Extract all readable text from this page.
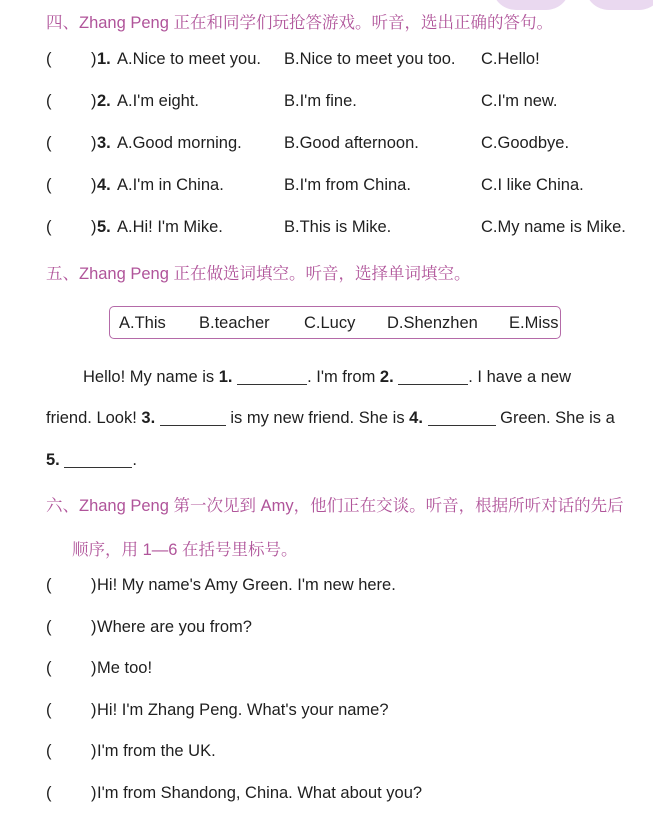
四、Zhang Peng 正在和同学们玩抢答游戏。听音，选出正确的答句。
( ) 1. A.Nice to meet you. B.Nice to meet you too. C.Hello!
( ) 2. A.I'm eight.	B.I'm fine.	C.I'm new.
( ) 3. A.Good morning.	B.Good afternoon.	C.Goodbye.
( ) 4. A.I'm in China.	B.I'm from China.	C.I like China.
( ) 5. A.Hi! I'm Mike.	B.This is Mike.	C.My name is Mike.
五、Zhang Peng 正在做选词填空。听音，选择单词填空。
A.This B.teacher C.Lucy D.Shenzhen E.Miss
Hello! My name is 1.	. I'm from 2.	. I have a new
friend. Look! 3.	is my new friend. She is 4.	Green. She is a
5.	.
六、Zhang Peng 第一次见到 Amy，他们正在交谈。听音，根据所听对话的先后
顺序，用 1—6 在括号里标号。
( ) Hi! My name's Amy Green. I'm new here.
( ) Where are you from?
( ) Me too!
( ) Hi! I'm Zhang Peng. What's your name?
( ) I'm from the UK.
( ) I'm from Shandong, China. What about you?
